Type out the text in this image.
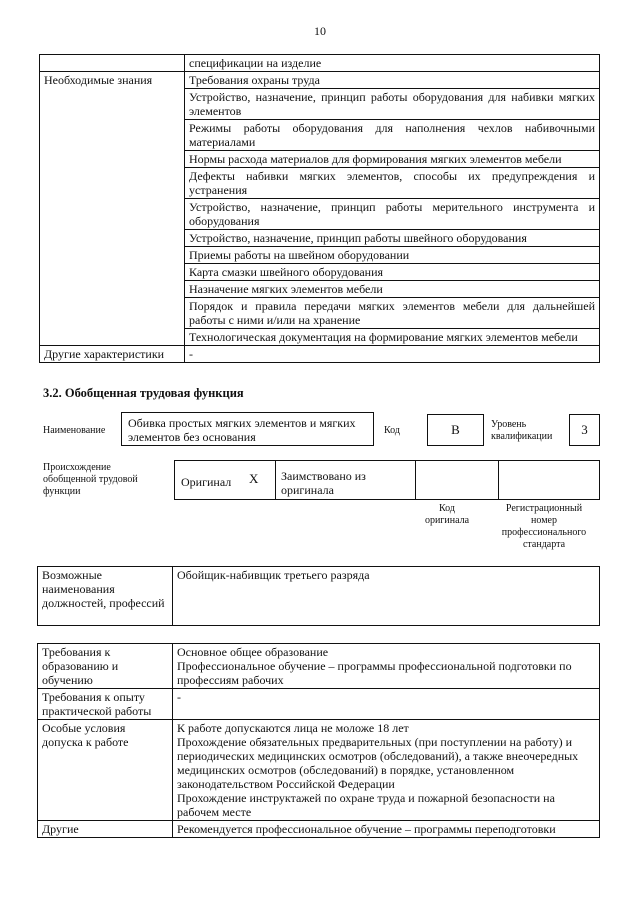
10
	спецификации на изделие
Необходимые знания	Требования охраны труда
	Устройство, назначение, принцип работы оборудования для набивки мягких элементов
	Режимы работы оборудования для наполнения чехлов набивочными материалами
	Нормы расхода материалов для формирования мягких элементов мебели
	Дефекты набивки мягких элементов, способы их предупреждения и устранения
	Устройство, назначение, принцип работы мерительного инструмента и оборудования
	Устройство, назначение, принцип работы швейного оборудования
	Приемы работы на швейном оборудовании
	Карта смазки швейного оборудования
	Назначение мягких элементов мебели
	Порядок и правила передачи мягких элементов мебели для дальнейшей работы с ними и/или на хранение
	Технологическая документация на формирование мягких элементов мебели
Другие характеристики	-
3.2. Обобщенная трудовая функция
Наименование
Обивка простых мягких элементов и мягких элементов без основания	Код	В	Уровень квалификации	3
Происхождение обобщенной трудовой функции
Оригинал X Заимствовано из оригинала
Код оригинала
Регистрационный номер профессионального стандарта
Возможные наименования должностей, профессий	Обойщик-набивщик третьего разряда
Требования к образованию и обучению	Основное общее образование
Профессиональное обучение – программы профессиональной подготовки по профессиям рабочих

Требования к опыту практической работы	-

Особые условия допуска к работе	К работе допускаются лица не моложе 18 лет
Прохождение обязательных предварительных (при поступлении на работу) и периодических медицинских осмотров (обследований), а также внеочередных медицинских осмотров (обследований) в порядке, установленном законодательством Российской Федерации
Прохождение инструктажей по охране труда и пожарной безопасности на рабочем месте

Другие	Рекомендуется профессиональное обучение – программы переподготовки
